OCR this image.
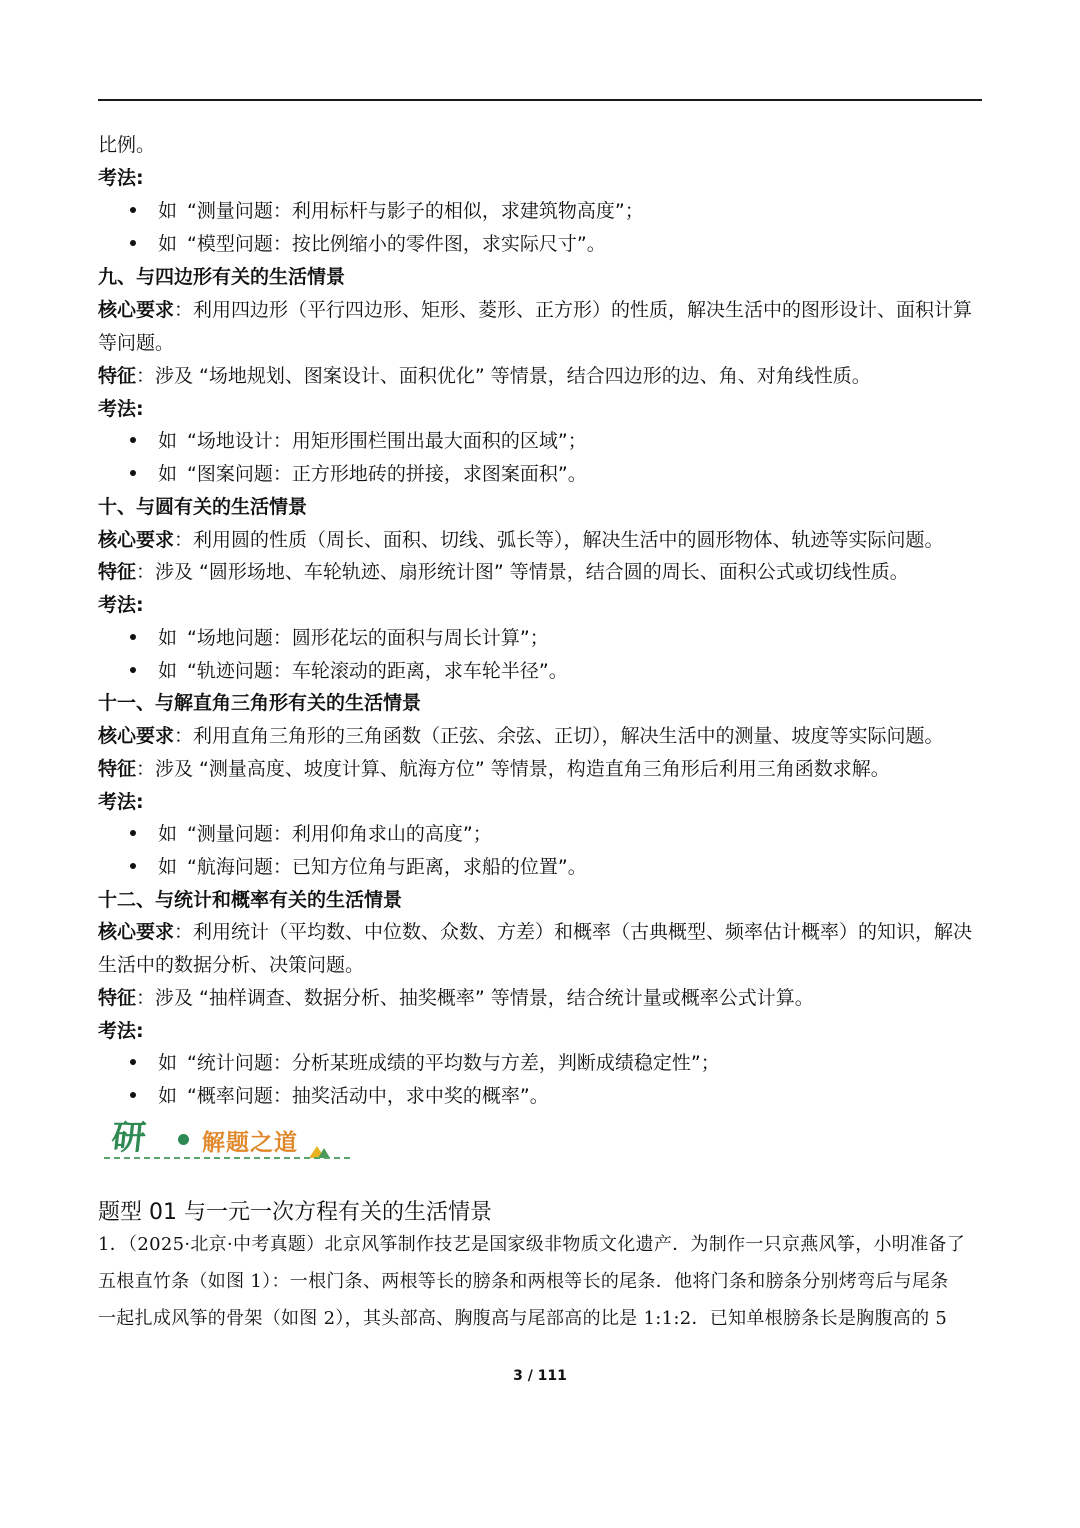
比例。
考法:
如 “测量问题：利用标杆与影子的相似，求建筑物高度”；
如 “模型问题：按比例缩小的零件图，求实际尺寸”。
九、与四边形有关的生活情景
核心要求：利用四边形（平行四边形、矩形、菱形、正方形）的性质，解决生活中的图形设计、面积计算
等问题。
特征：涉及 “场地规划、图案设计、面积优化” 等情景，结合四边形的边、角、对角线性质。
考法:
如 “场地设计：用矩形围栏围出最大面积的区域”；
如 “图案问题：正方形地砖的拼接，求图案面积”。
十、与圆有关的生活情景
核心要求：利用圆的性质（周长、面积、切线、弧长等），解决生活中的圆形物体、轨迹等实际问题。
特征：涉及 “圆形场地、车轮轨迹、扇形统计图” 等情景，结合圆的周长、面积公式或切线性质。
考法:
如 “场地问题：圆形花坛的面积与周长计算”；
如 “轨迹问题：车轮滚动的距离，求车轮半径”。
十一、与解直角三角形有关的生活情景
核心要求：利用直角三角形的三角函数（正弦、余弦、正切），解决生活中的测量、坡度等实际问题。
特征：涉及 “测量高度、坡度计算、航海方位” 等情景，构造直角三角形后利用三角函数求解。
考法:
如 “测量问题：利用仰角求山的高度”；
如 “航海问题：已知方位角与距离，求船的位置”。
十二、与统计和概率有关的生活情景
核心要求：利用统计（平均数、中位数、众数、方差）和概率（古典概型、频率估计概率）的知识，解决
生活中的数据分析、决策问题。
特征：涉及 “抽样调查、数据分析、抽奖概率” 等情景，结合统计量或概率公式计算。
考法:
如 “统计问题：分析某班成绩的平均数与方差，判断成绩稳定性”；
如 “概率问题：抽奖活动中，求中奖的概率”。
研 解题之道
题型 01 与一元一次方程有关的生活情景
1．（2025·北京·中考真题）北京风筝制作技艺是国家级非物质文化遗产．为制作一只京燕风筝，小明准备了
五根直竹条（如图 1）：一根门条、两根等长的膀条和两根等长的尾条．他将门条和膀条分别烤弯后与尾条
一起扎成风筝的骨架（如图 2），其头部高、胸腹高与尾部高的比是 1:1:2．已知单根膀条长是胸腹高的 5
3 / 111
